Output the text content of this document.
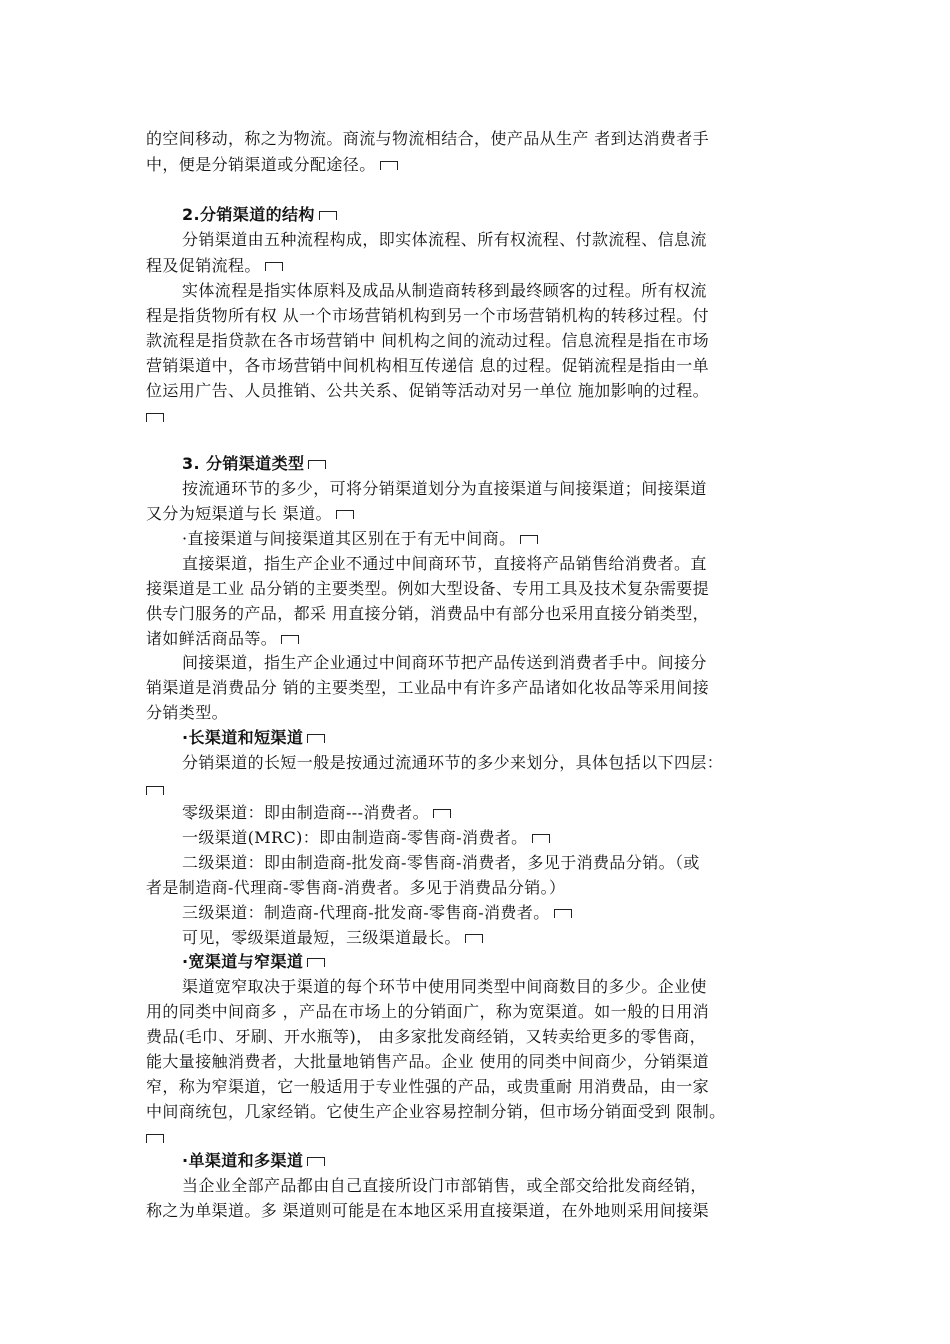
的空间移动，称之为物流。商流与物流相结合，使产品从生产 者到达消费者手
中，便是分销渠道或分配途径。
2.分销渠道的结构
分销渠道由五种流程构成，即实体流程、所有权流程、付款流程、信息流
程及促销流程。
实体流程是指实体原料及成品从制造商转移到最终顾客的过程。所有权流
程是指货物所有权 从一个市场营销机构到另一个市场营销机构的转移过程。付
款流程是指贷款在各市场营销中 间机构之间的流动过程。信息流程是指在市场
营销渠道中，各市场营销中间机构相互传递信 息的过程。促销流程是指由一单
位运用广告、人员推销、公共关系、促销等活动对另一单位 施加影响的过程。
3. 分销渠道类型
按流通环节的多少，可将分销渠道划分为直接渠道与间接渠道；间接渠道
又分为短渠道与长 渠道。
·直接渠道与间接渠道其区别在于有无中间商。
直接渠道，指生产企业不通过中间商环节，直接将产品销售给消费者。直
接渠道是工业 品分销的主要类型。例如大型设备、专用工具及技术复杂需要提
供专门服务的产品，都采 用直接分销，消费品中有部分也采用直接分销类型，
诸如鲜活商品等。
间接渠道，指生产企业通过中间商环节把产品传送到消费者手中。间接分
销渠道是消费品分 销的主要类型，工业品中有许多产品诸如化妆品等采用间接
分销类型。
·长渠道和短渠道
分销渠道的长短一般是按通过流通环节的多少来划分，具体包括以下四层：
零级渠道：即由制造商---消费者。
一级渠道(MRC)：即由制造商-零售商-消费者。
二级渠道：即由制造商-批发商-零售商-消费者，多见于消费品分销。（或
者是制造商-代理商-零售商-消费者。多见于消费品分销。）
三级渠道：制造商-代理商-批发商-零售商-消费者。
可见，零级渠道最短，三级渠道最长。
·宽渠道与窄渠道
渠道宽窄取决于渠道的每个环节中使用同类型中间商数目的多少。企业使
用的同类中间商多 ，产品在市场上的分销面广，称为宽渠道。如一般的日用消
费品(毛巾、牙刷、开水瓶等)， 由多家批发商经销，又转卖给更多的零售商，
能大量接触消费者，大批量地销售产品。企业 使用的同类中间商少，分销渠道
窄，称为窄渠道，它一般适用于专业性强的产品，或贵重耐 用消费品，由一家
中间商统包，几家经销。它使生产企业容易控制分销，但市场分销面受到 限制。
·单渠道和多渠道
当企业全部产品都由自己直接所设门市部销售，或全部交给批发商经销，
称之为单渠道。多 渠道则可能是在本地区采用直接渠道，在外地则采用间接渠
